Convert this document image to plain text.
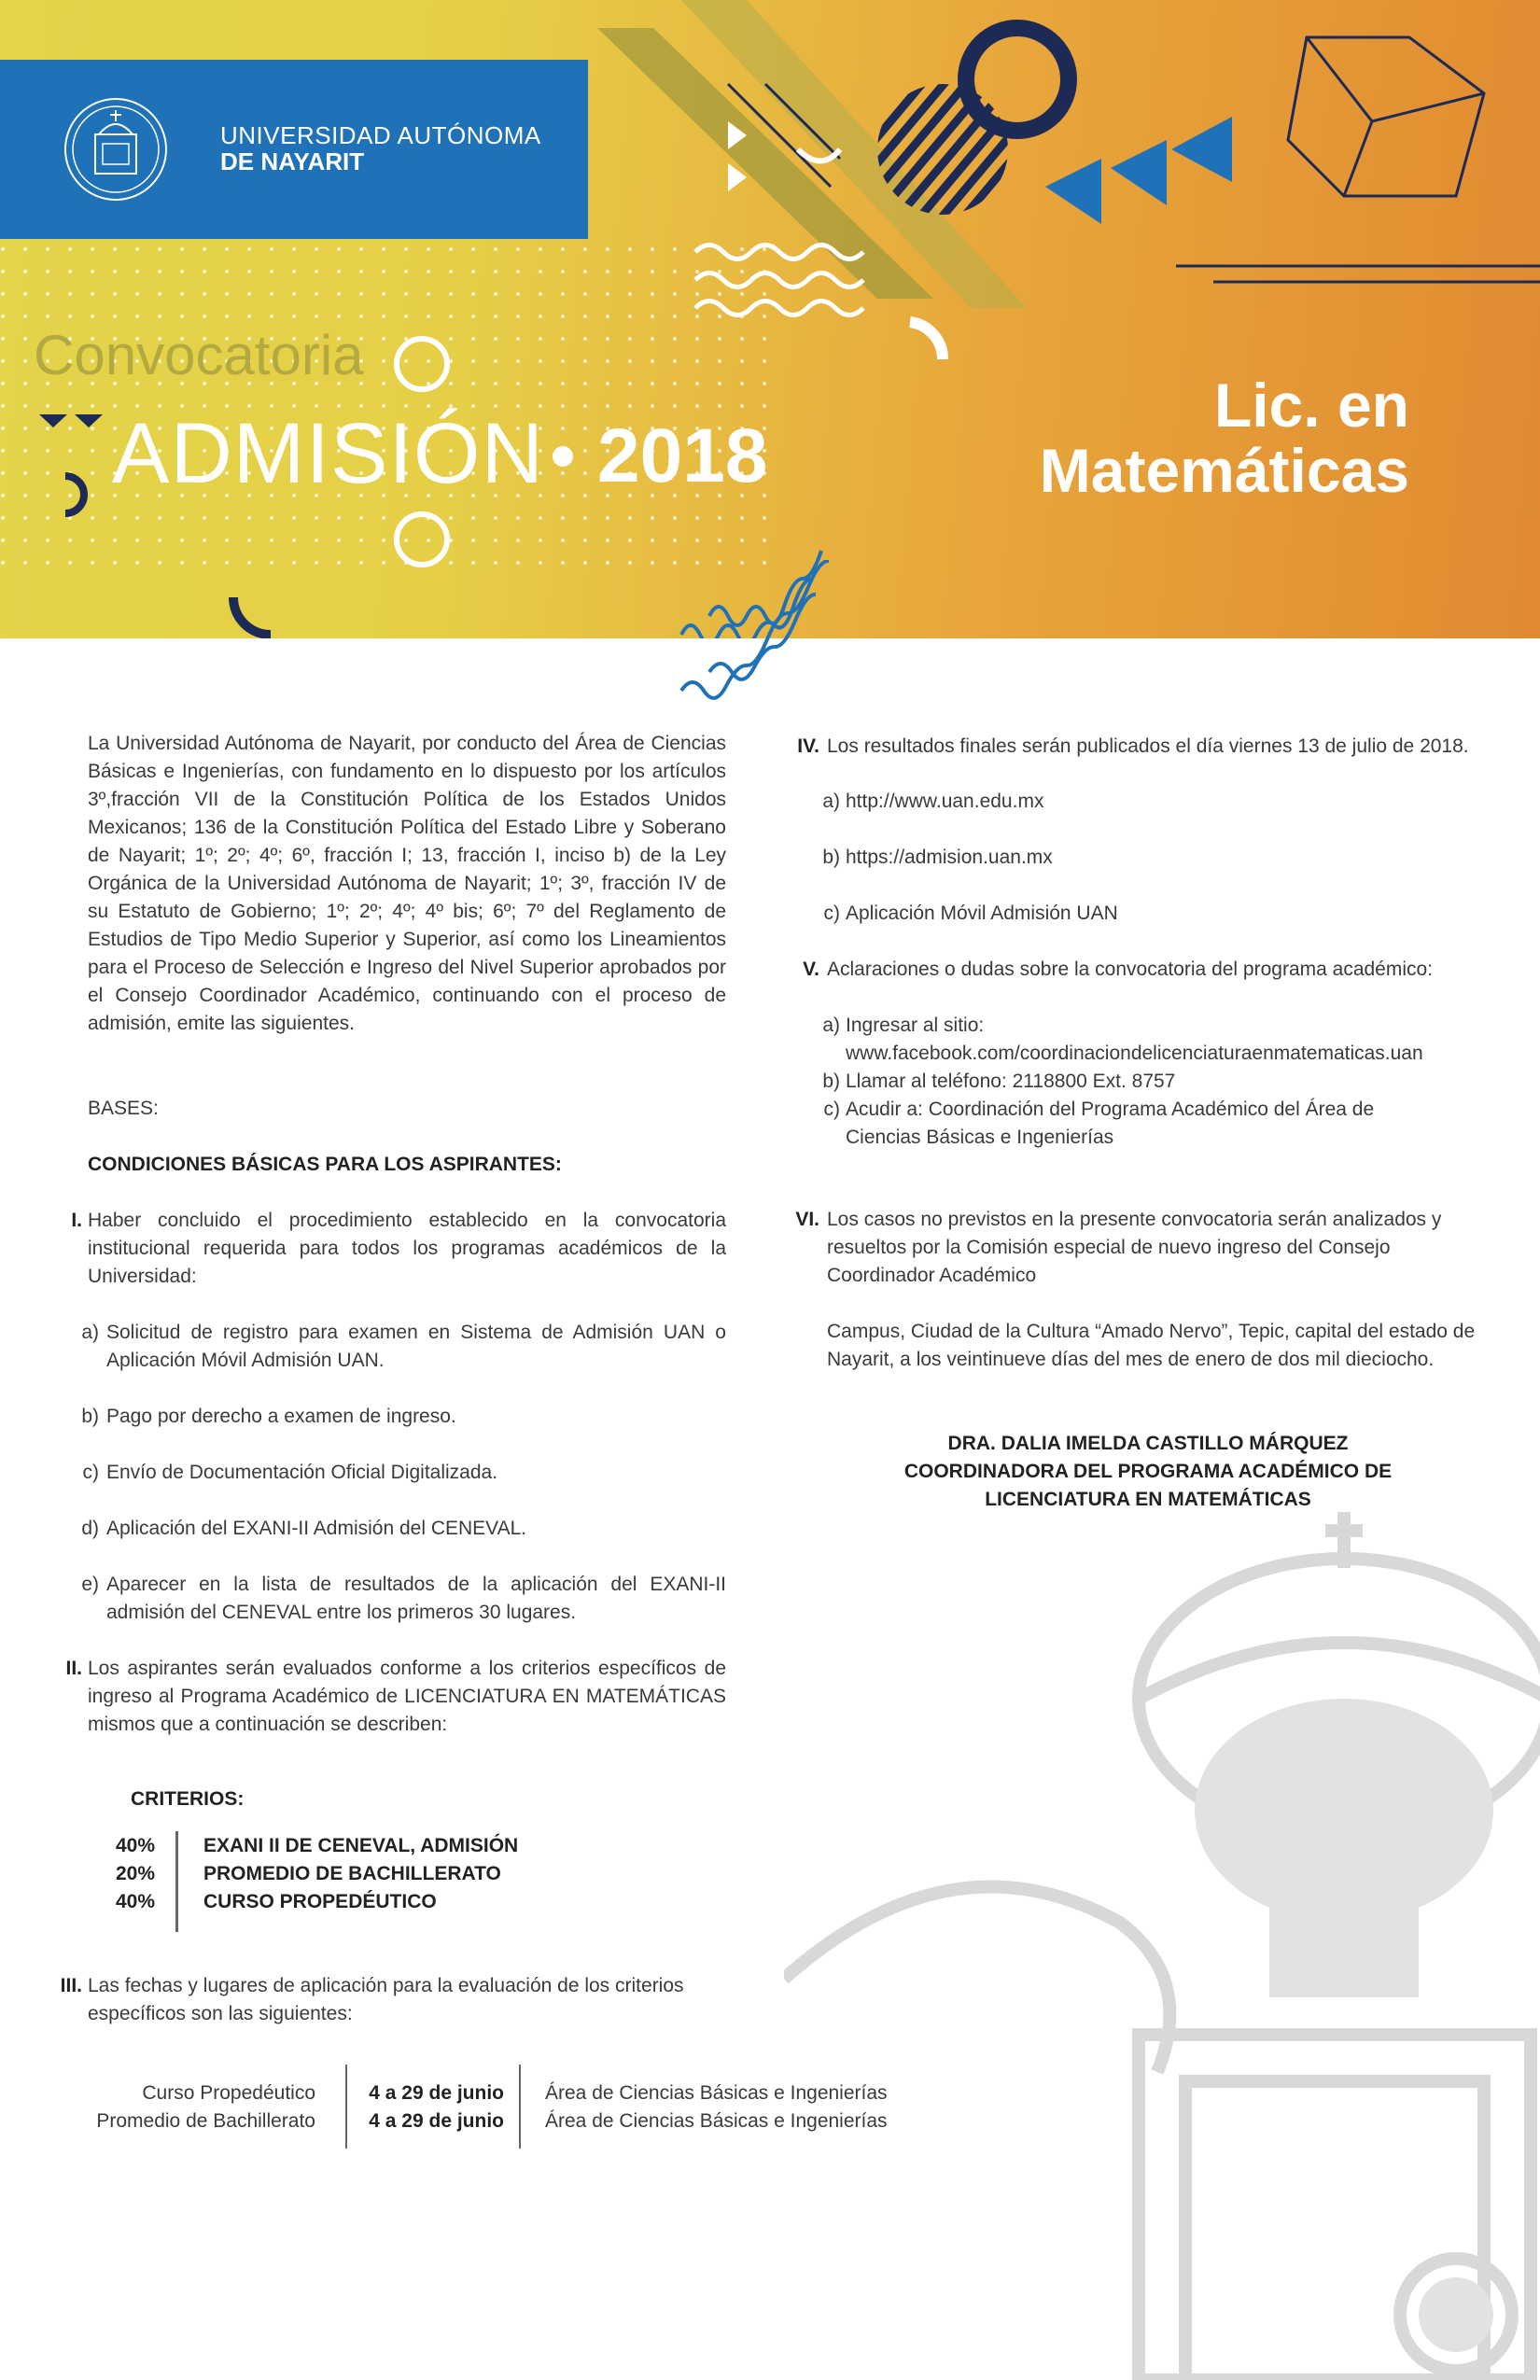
UNIVERSIDAD AUTÓNOMA
DE NAYARIT
Convocatoria
ADMISIÓN 2018
Lic. en
Matemáticas
La Universidad Autónoma de Nayarit, por conducto del Área de Ciencias Básicas e Ingenierías, con fundamento en lo dispuesto por los artículos 3º,fracción VII de la Constitución Política de los Estados Unidos Mexicanos; 136 de la Constitución Política del Estado Libre y Soberano de Nayarit; 1º; 2º; 4º; 6º, fracción I; 13, fracción I, inciso b) de la Ley Orgánica de la Universidad Autónoma de Nayarit; 1º; 3º, fracción IV de su Estatuto de Gobierno; 1º; 2º; 4º; 4º bis; 6º; 7º del Reglamento de Estudios de Tipo Medio Superior y Superior, así como los Lineamientos para el Proceso de Selección e Ingreso del Nivel Superior aprobados por el Consejo Coordinador Académico, continuando con el proceso de admisión, emite las siguientes.
BASES:
CONDICIONES BÁSICAS PARA LOS ASPIRANTES:
I. Haber concluido el procedimiento establecido en la convocatoria institucional requerida para todos los programas académicos de la Universidad:
a) Solicitud de registro para examen en Sistema de Admisión UAN o Aplicación Móvil Admisión UAN.
b) Pago por derecho a examen de ingreso.
c) Envío de Documentación Oficial Digitalizada.
d) Aplicación del EXANI-II Admisión del CENEVAL.
e) Aparecer en la lista de resultados de la aplicación del EXANI-II admisión del CENEVAL entre los primeros 30 lugares.
II. Los aspirantes serán evaluados conforme a los criterios específicos de ingreso al Programa Académico de LICENCIATURA EN MATEMÁTICAS mismos que a continuación se describen:
CRITERIOS:
40% EXANI II DE CENEVAL, ADMISIÓN
20% PROMEDIO DE BACHILLERATO
40% CURSO PROPEDÉUTICO
III. Las fechas y lugares de aplicación para la evaluación de los criterios específicos son las siguientes:
Curso Propedéutico	4 a 29 de junio Área de Ciencias Básicas e Ingenierías
Promedio de Bachillerato	4 a 29 de junio Área de Ciencias Básicas e Ingenierías
IV. Los resultados finales serán publicados el día viernes 13 de julio de 2018.
a) http://www.uan.edu.mx
b) https://admision.uan.mx
c) Aplicación Móvil Admisión UAN
V. Aclaraciones o dudas sobre la convocatoria del programa académico:
a) Ingresar al sitio:
www.facebook.com/coordinaciondelicenciaturaenmatematicas.uan
b) Llamar al teléfono: 2118800 Ext. 8757
c) Acudir a: Coordinación del Programa Académico del Área de
Ciencias Básicas e Ingenierías
VI. Los casos no previstos en la presente convocatoria serán analizados y resueltos por la Comisión especial de nuevo ingreso del Consejo Coordinador Académico
Campus, Ciudad de la Cultura “Amado Nervo”, Tepic, capital del estado de Nayarit, a los veintinueve días del mes de enero de dos mil dieciocho.
DRA. DALIA IMELDA CASTILLO MÁRQUEZ
COORDINADORA DEL PROGRAMA ACADÉMICO DE
LICENCIATURA EN MATEMÁTICAS
